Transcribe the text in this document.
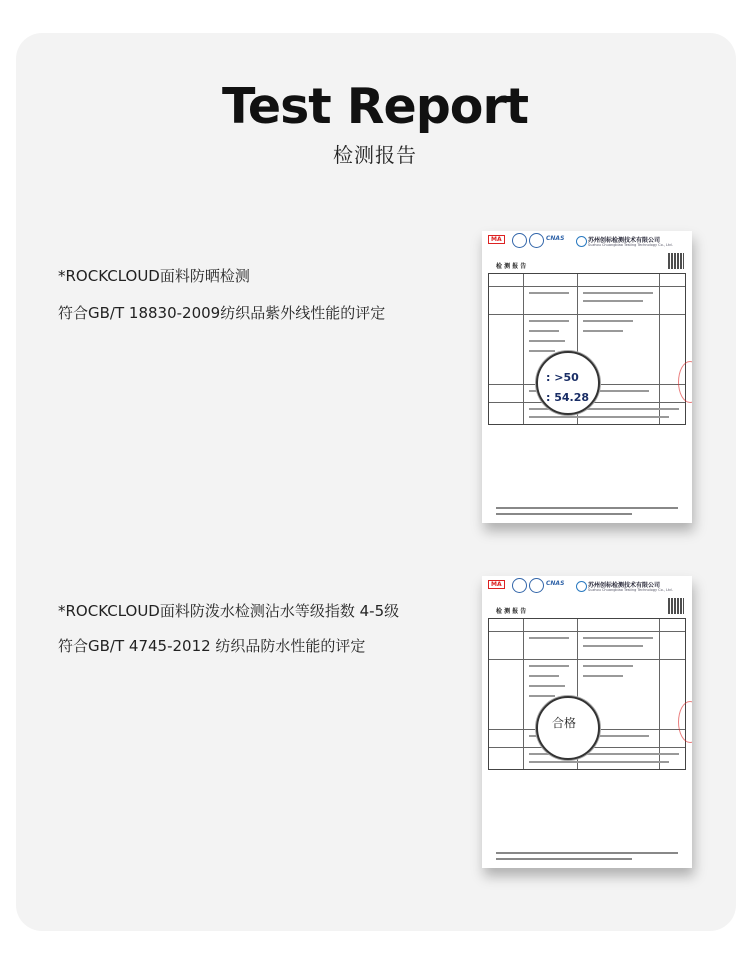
Test Report
检测报告
*ROCKCLOUD面料防晒检测
符合GB/T 18830-2009纺织品紫外线性能的评定
MA	CNAS	苏州创标检测技术有限公司
Suzhou Chuangbiao Testing Technology Co., Ltd.
检 测 报 告
: >50
: 54.28
*ROCKCLOUD面料防泼水检测沾水等级指数 4-5级
符合GB/T 4745-2012 纺织品防水性能的评定
MA	CNAS	苏州创标检测技术有限公司
Suzhou Chuangbiao Testing Technology Co., Ltd.
检 测 报 告
合格
